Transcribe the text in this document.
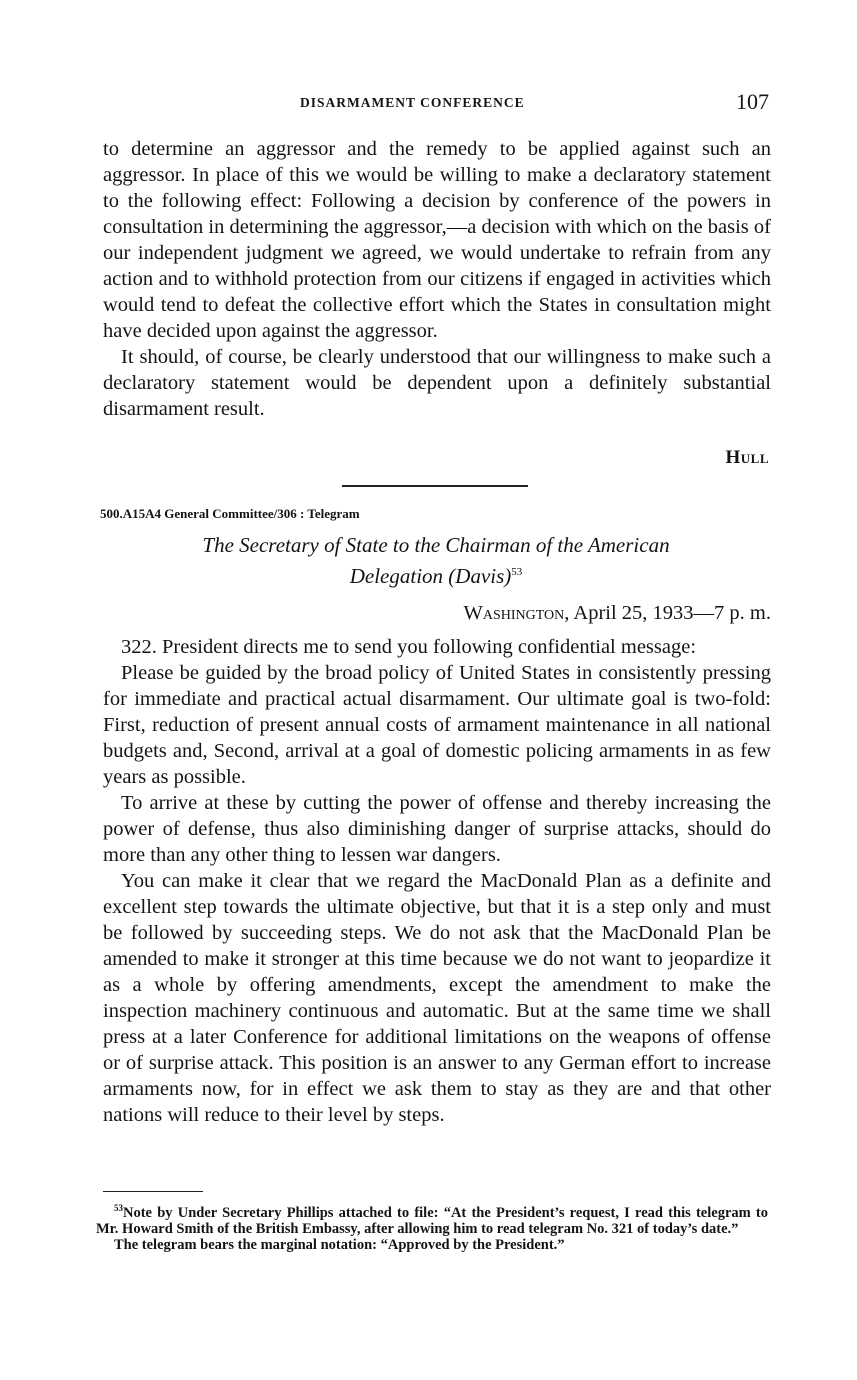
DISARMAMENT CONFERENCE	107

to determine an aggressor and the remedy to be applied against such an aggressor. In place of this we would be willing to make a declaratory statement to the following effect: Following a decision by conference of the powers in consultation in determining the aggressor,—a decision with which on the basis of our independent judgment we agreed, we would undertake to refrain from any action and to withhold protection from our citizens if engaged in activities which would tend to defeat the collective effort which the States in consultation might have decided upon against the aggressor.

It should, of course, be clearly understood that our willingness to make such a declaratory statement would be dependent upon a definitely substantial disarmament result.

Hull
500.A15A4 General Committee/306 : Telegram
The Secretary of State to the Chairman of the American
Delegation (Davis)$^{53}$
Washington, April 25, 1933—7 p. m.

322. President directs me to send you following confidential message:

Please be guided by the broad policy of United States in consistently pressing for immediate and practical actual disarmament. Our ultimate goal is two-fold: First, reduction of present annual costs of armament maintenance in all national budgets and, Second, arrival at a goal of domestic policing armaments in as few years as possible.

To arrive at these by cutting the power of offense and thereby increasing the power of defense, thus also diminishing danger of surprise attacks, should do more than any other thing to lessen war dangers.

You can make it clear that we regard the MacDonald Plan as a definite and excellent step towards the ultimate objective, but that it is a step only and must be followed by succeeding steps. We do not ask that the MacDonald Plan be amended to make it stronger at this time because we do not want to jeopardize it as a whole by offering amendments, except the amendment to make the inspection machinery continuous and automatic. But at the same time we shall press at a later Conference for additional limitations on the weapons of offense or of surprise attack. This position is an answer to any German effort to increase armaments now, for in effect we ask them to stay as they are and that other nations will reduce to their level by steps.

$^{53}$Note by Under Secretary Phillips attached to file: “At the President’s request, I read this telegram to Mr. Howard Smith of the British Embassy, after allowing him to read telegram No. 321 of today’s date.”

The telegram bears the marginal notation: “Approved by the President.”
